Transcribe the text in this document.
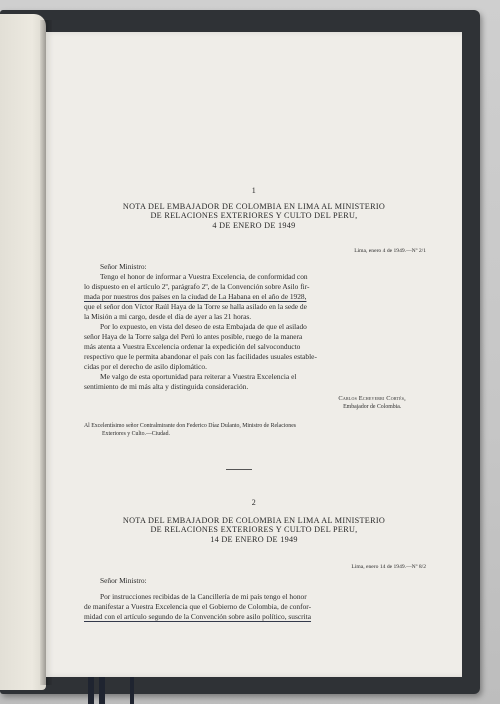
1
NOTA DEL EMBAJADOR DE COLOMBIA EN LIMA AL MINISTERIO
DE RELACIONES EXTERIORES Y CULTO DEL PERU,
4 DE ENERO DE 1949
Lima, enero 4 de 1949.—Nº 2/1
Señor Ministro:
Tengo el honor de informar a Vuestra Excelencia, de conformidad con
lo dispuesto en el artículo 2º, parágrafo 2º, de la Convención sobre Asilo fir-
mada por nuestros dos países en la ciudad de La Habana en el año de 1928,
que el señor don Víctor Raúl Haya de la Torre se halla asilado en la sede de
la Misión a mi cargo, desde el día de ayer a las 21 horas.
Por lo expuesto, en vista del deseo de esta Embajada de que el asilado
señor Haya de la Torre salga del Perú lo antes posible, ruego de la manera
más atenta a Vuestra Excelencia ordenar la expedición del salvoconducto
respectivo que le permita abandonar el país con las facilidades usuales estable-
cidas por el derecho de asilo diplomático.
Me valgo de esta oportunidad para reiterar a Vuestra Excelencia el
sentimiento de mi más alta y distinguida consideración.
Carlos Echeverri Cortés,
Embajador de Colombia.
Al Excelentísimo señor Contralmirante don Federico Díaz Dulanto, Ministro de Relaciones
Exteriores y Culto.—Ciudad.
2
NOTA DEL EMBAJADOR DE COLOMBIA EN LIMA AL MINISTERIO
DE RELACIONES EXTERIORES Y CULTO DEL PERU,
14 DE ENERO DE 1949
Lima, enero 14 de 1949.—Nº 8/2
Señor Ministro:
Por instrucciones recibidas de la Cancillería de mi país tengo el honor
de manifestar a Vuestra Excelencia que el Gobierno de Colombia, de confor-
midad con el artículo segundo de la Convención sobre asilo político, suscrita
